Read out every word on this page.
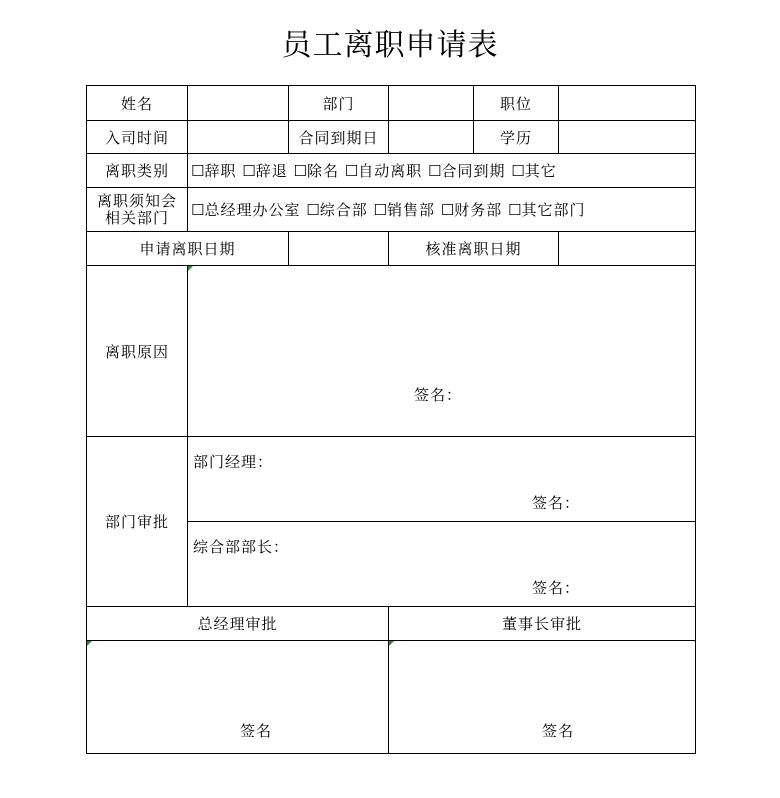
员工离职申请表
姓名		部门		职位	
入司时间		合同到期日		学历	
离职类别	☐辞职 ☐辞退 ☐除名 ☐自动离职 ☐合同到期 ☐其它				
离职须知会相关部门	☐总经理办公室 ☐综合部 ☐销售部 ☐财务部 ☐其它部门				
申请离职日期			核准离职日期		
离职原因	签名：				

部门审批	部门经理：
签名：				

	综合部部长：
签名：				

总经理审批			董事长审批		

签名			签名		
